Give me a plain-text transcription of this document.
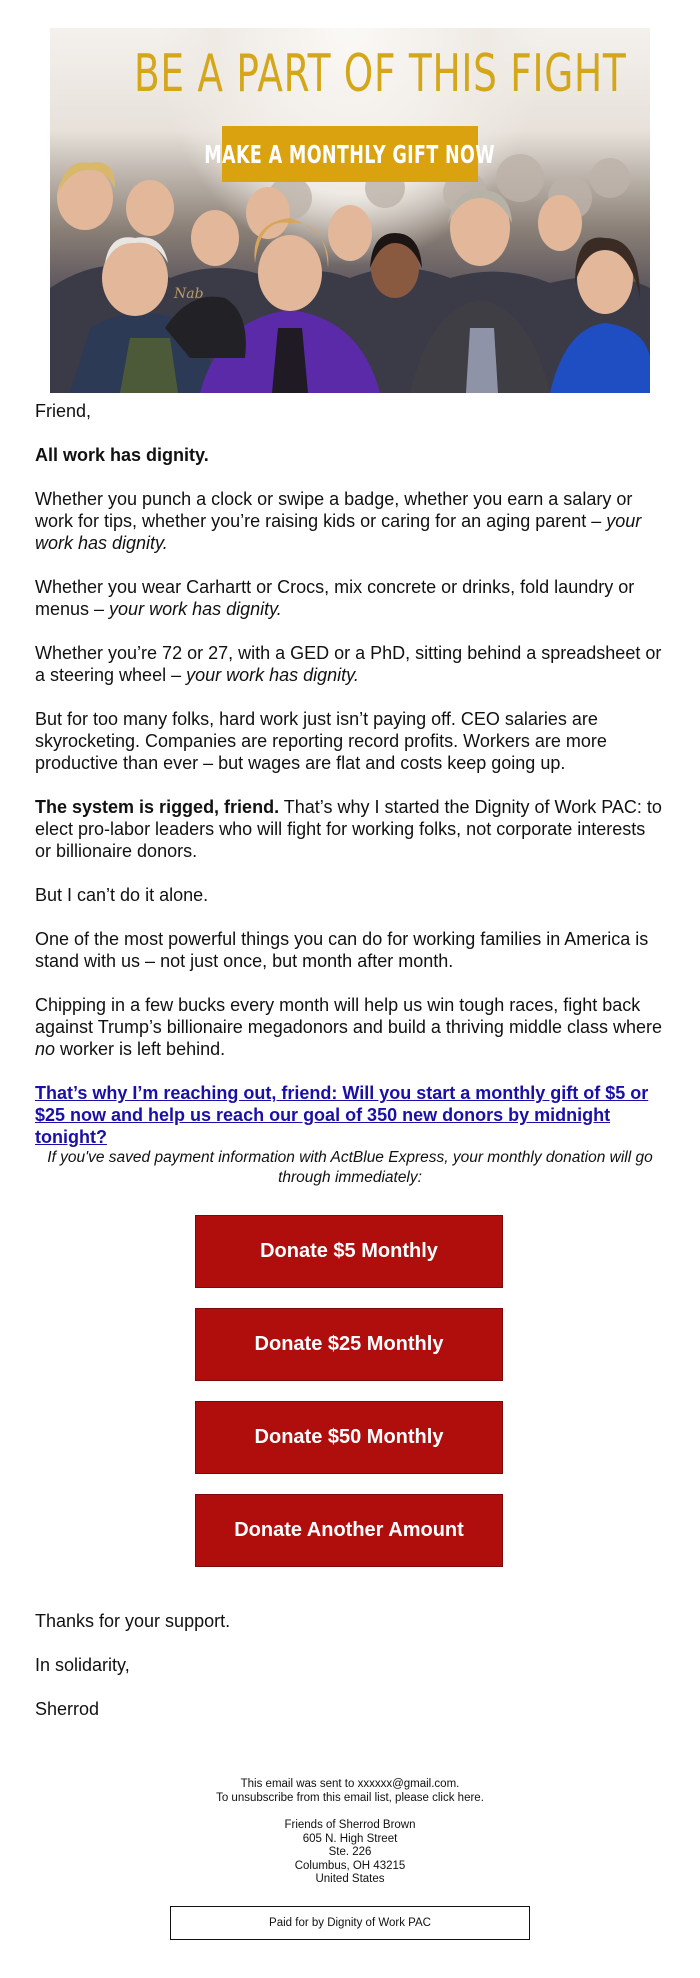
Nab
BE A PART OF THIS FIGHT
MAKE A MONTHLY GIFT NOW

Friend,

All work has dignity.

Whether you punch a clock or swipe a badge, whether you earn a salary or work for tips, whether you’re raising kids or caring for an aging parent – your work has dignity.

Whether you wear Carhartt or Crocs, mix concrete or drinks, fold laundry or menus – your work has dignity.

Whether you’re 72 or 27, with a GED or a PhD, sitting behind a spreadsheet or a steering wheel – your work has dignity.

But for too many folks, hard work just isn’t paying off. CEO salaries are skyrocketing. Companies are reporting record profits. Workers are more productive than ever – but wages are flat and costs keep going up.

The system is rigged, friend. That’s why I started the Dignity of Work PAC: to elect pro-labor leaders who will fight for working folks, not corporate interests or billionaire donors.

But I can’t do it alone.

One of the most powerful things you can do for working families in America is stand with us – not just once, but month after month.

Chipping in a few bucks every month will help us win tough races, fight back against Trump’s billionaire megadonors and build a thriving middle class where no worker is left behind.

That’s why I’m reaching out, friend: Will you start a monthly gift of $5 or $25 now and help us reach our goal of 350 new donors by midnight tonight?
If you've saved payment information with ActBlue Express, your monthly donation will go through immediately:
Donate $5 Monthly
Donate $25 Monthly
Donate $50 Monthly
Donate Another Amount
Thanks for your support.
In solidarity,
Sherrod
This email was sent to xxxxxx@gmail.com.
To unsubscribe from this email list, please click here.
Friends of Sherrod Brown
605 N. High Street
Ste. 226
Columbus, OH 43215
United States
Paid for by Dignity of Work PAC
